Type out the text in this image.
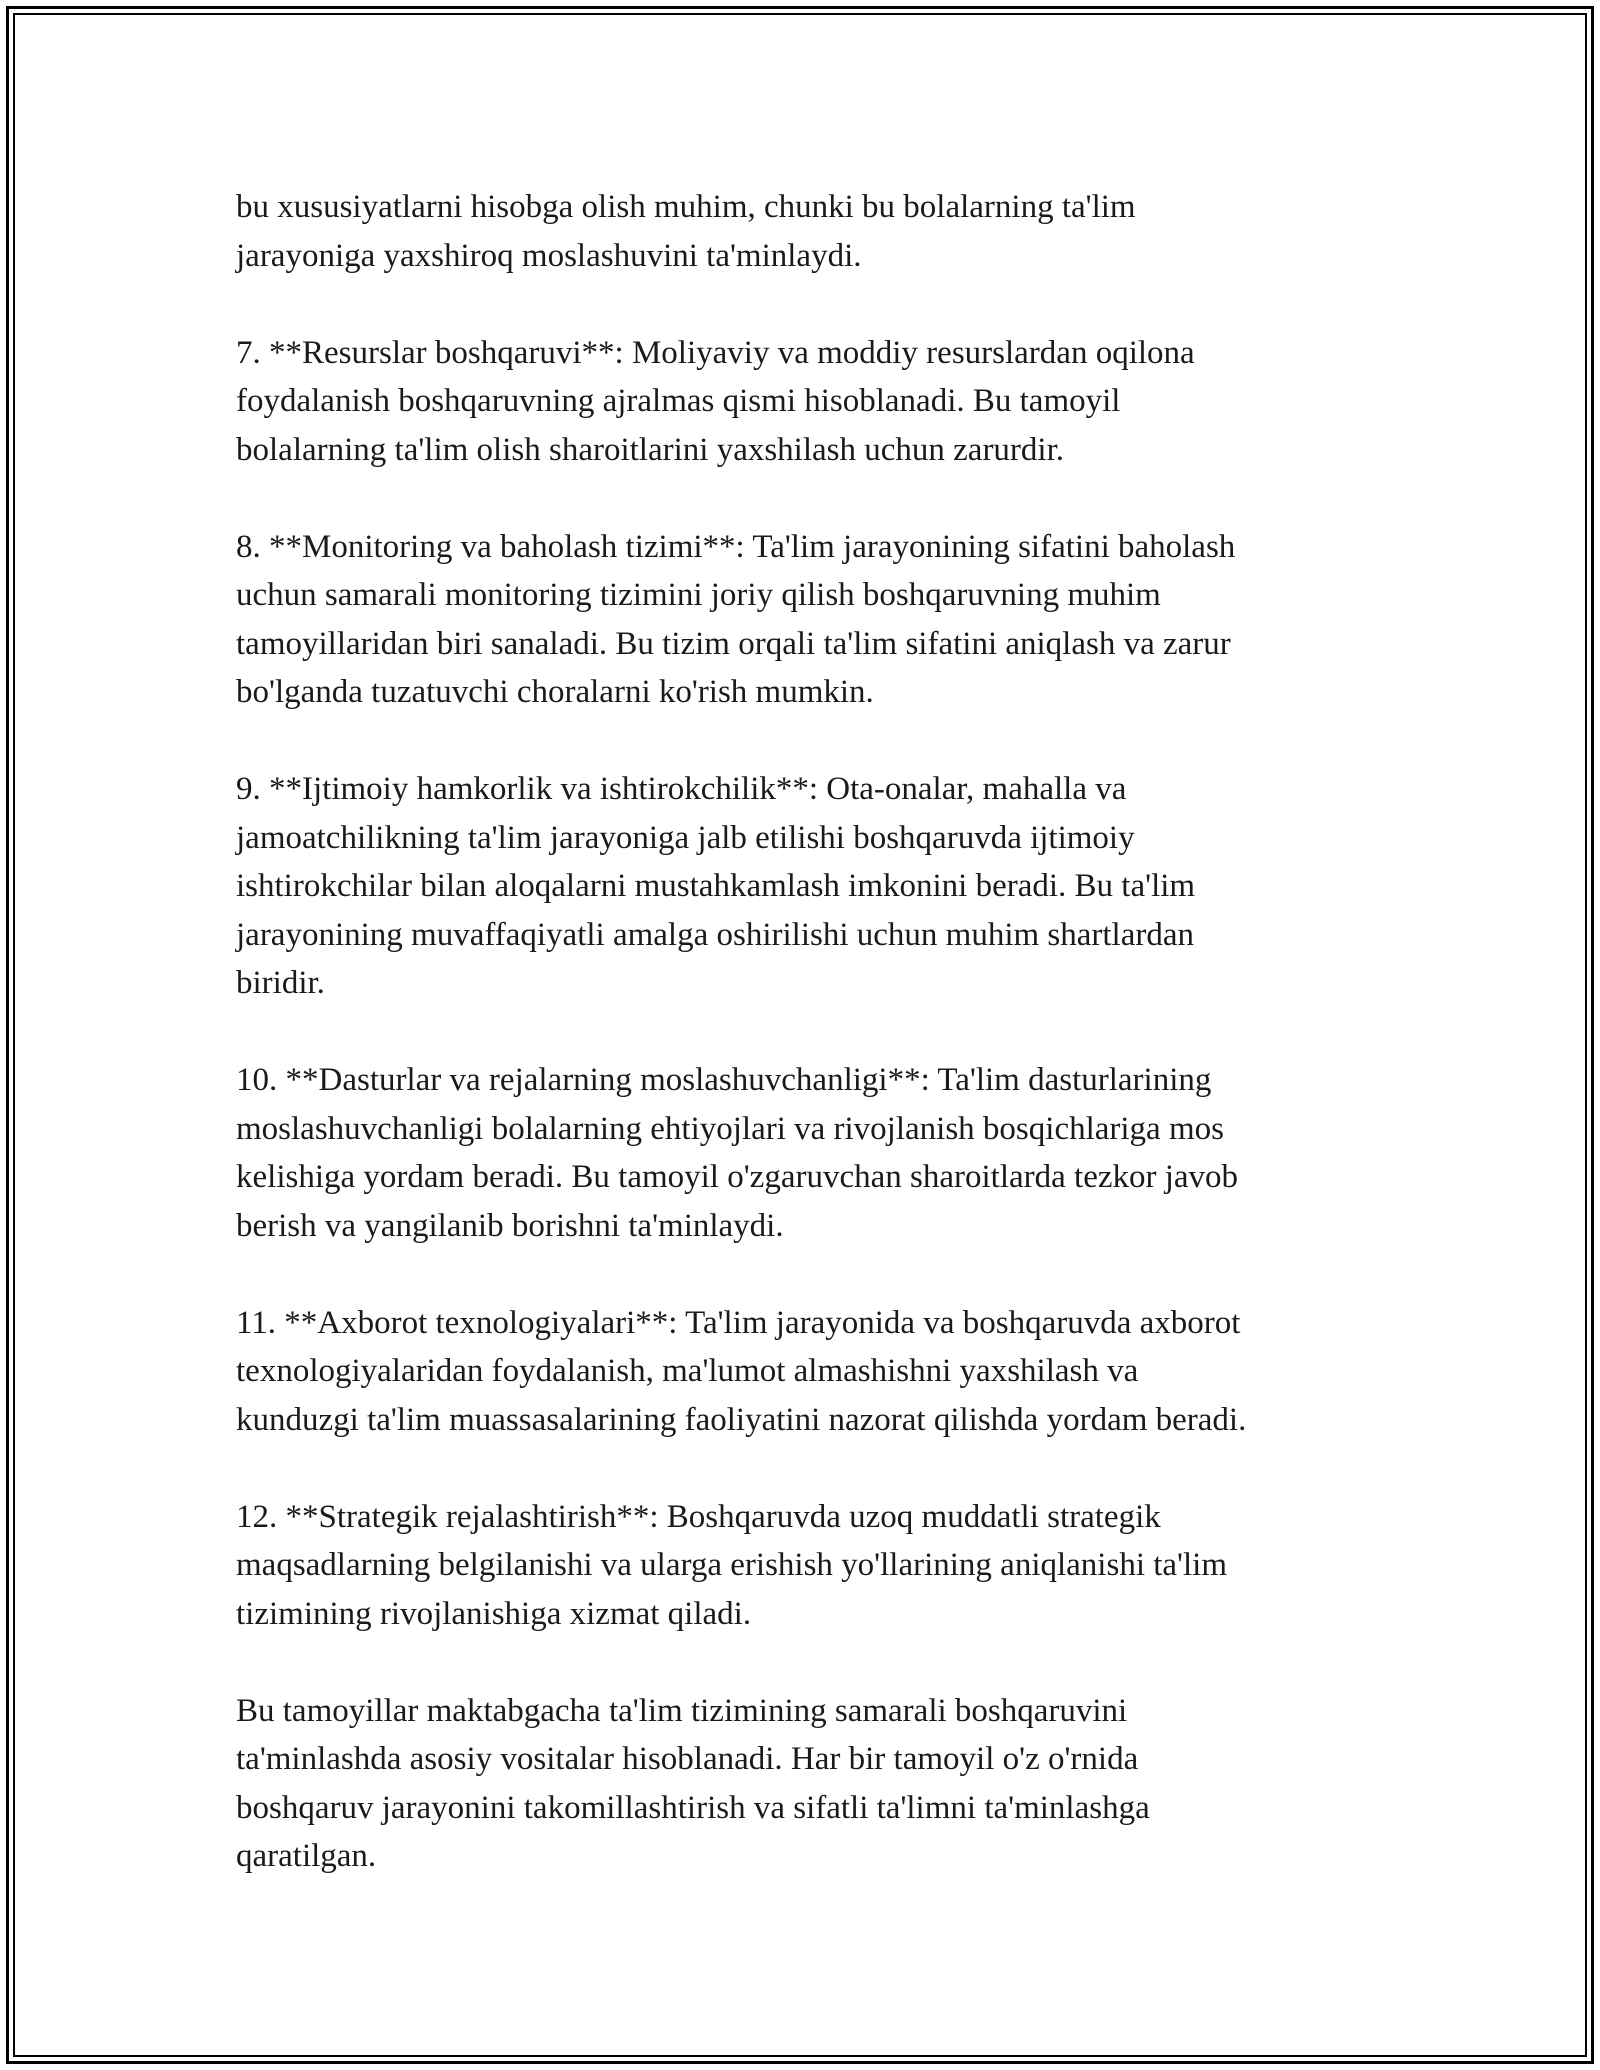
bu xususiyatlarni hisobga olish muhim, chunki bu bolalarning ta'lim
jarayoniga yaxshiroq moslashuvini ta'minlaydi.

7. **Resurslar boshqaruvi**: Moliyaviy va moddiy resurslardan oqilona
foydalanish boshqaruvning ajralmas qismi hisoblanadi. Bu tamoyil
bolalarning ta'lim olish sharoitlarini yaxshilash uchun zarurdir.

8. **Monitoring va baholash tizimi**: Ta'lim jarayonining sifatini baholash
uchun samarali monitoring tizimini joriy qilish boshqaruvning muhim
tamoyillaridan biri sanaladi. Bu tizim orqali ta'lim sifatini aniqlash va zarur
bo'lganda tuzatuvchi choralarni ko'rish mumkin.

9. **Ijtimoiy hamkorlik va ishtirokchilik**: Ota-onalar, mahalla va
jamoatchilikning ta'lim jarayoniga jalb etilishi boshqaruvda ijtimoiy
ishtirokchilar bilan aloqalarni mustahkamlash imkonini beradi. Bu ta'lim
jarayonining muvaffaqiyatli amalga oshirilishi uchun muhim shartlardan
biridir.

10. **Dasturlar va rejalarning moslashuvchanligi**: Ta'lim dasturlarining
moslashuvchanligi bolalarning ehtiyojlari va rivojlanish bosqichlariga mos
kelishiga yordam beradi. Bu tamoyil o'zgaruvchan sharoitlarda tezkor javob
berish va yangilanib borishni ta'minlaydi.

11. **Axborot texnologiyalari**: Ta'lim jarayonida va boshqaruvda axborot
texnologiyalaridan foydalanish, ma'lumot almashishni yaxshilash va
kunduzgi ta'lim muassasalarining faoliyatini nazorat qilishda yordam beradi.

12. **Strategik rejalashtirish**: Boshqaruvda uzoq muddatli strategik
maqsadlarning belgilanishi va ularga erishish yo'llarining aniqlanishi ta'lim
tizimining rivojlanishiga xizmat qiladi.

Bu tamoyillar maktabgacha ta'lim tizimining samarali boshqaruvini
ta'minlashda asosiy vositalar hisoblanadi. Har bir tamoyil o'z o'rnida
boshqaruv jarayonini takomillashtirish va sifatli ta'limni ta'minlashga
qaratilgan.
